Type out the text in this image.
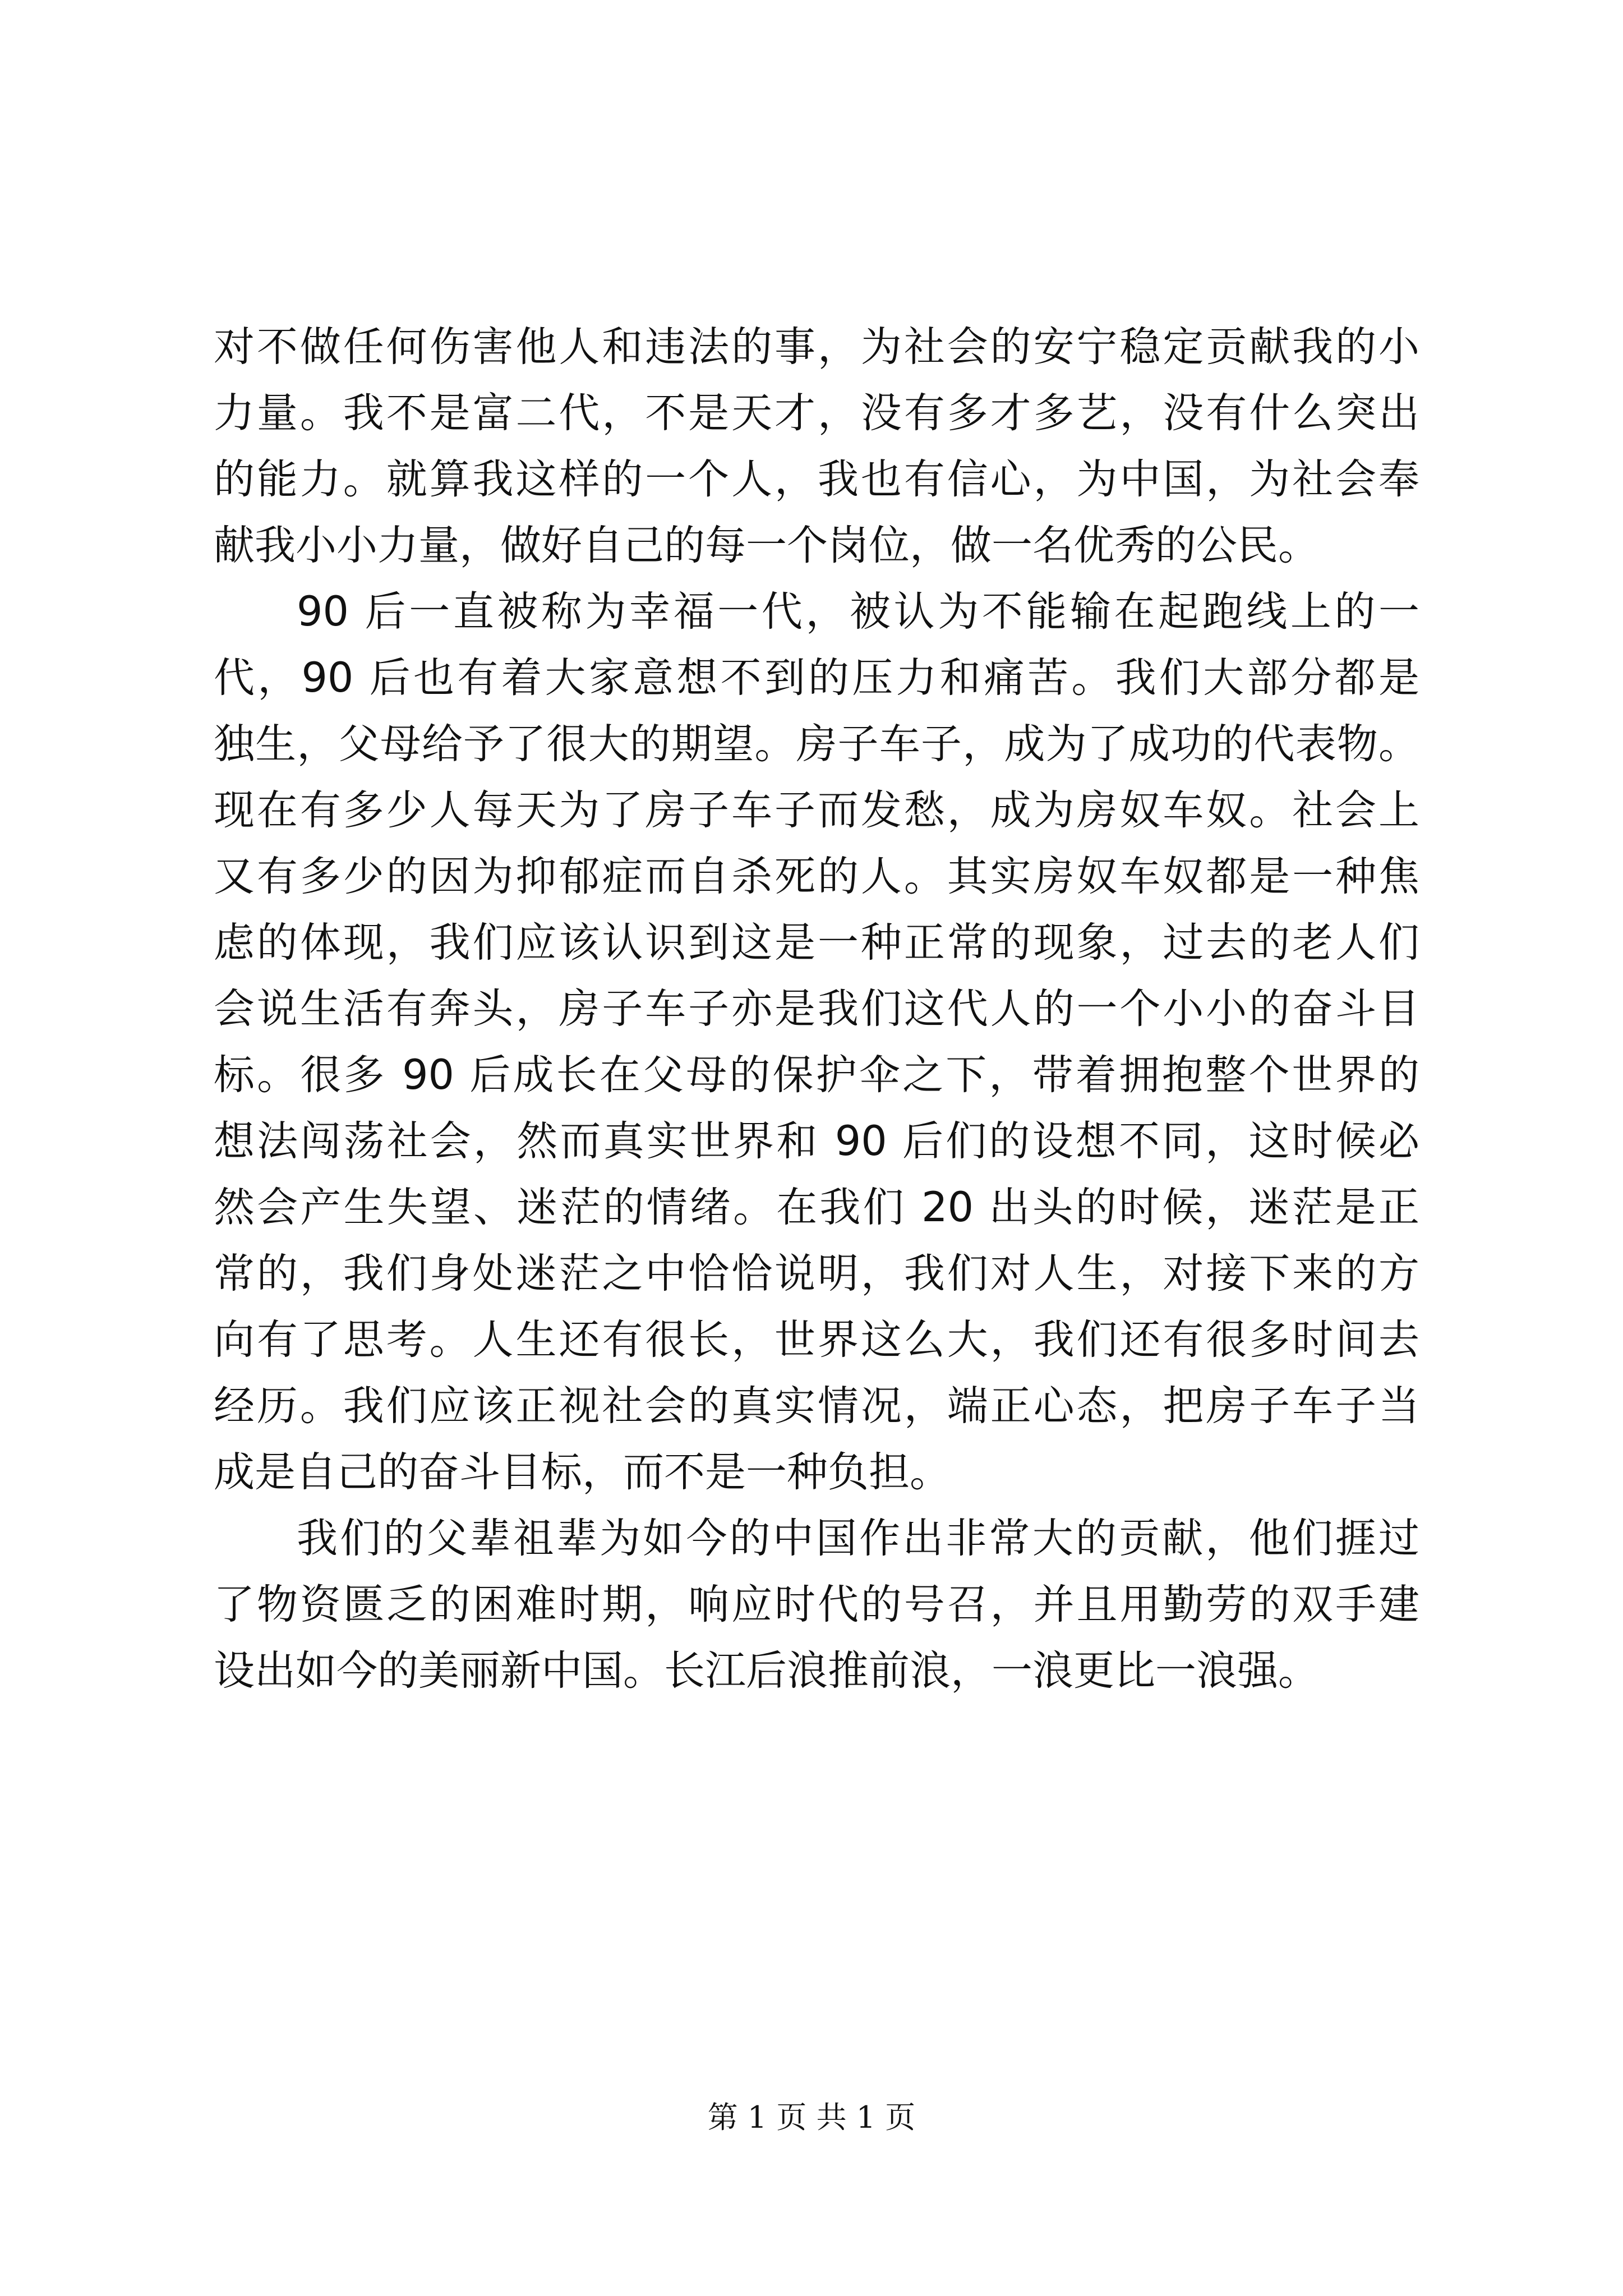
对不做任何伤害他人和违法的事，为社会的安宁稳定贡献我的小
力量。我不是富二代，不是天才，没有多才多艺，没有什么突出
的能力。就算我这样的一个人，我也有信心，为中国，为社会奉
献我小小力量，做好自己的每一个岗位，做一名优秀的公民。
90 后一直被称为幸福一代，被认为不能输在起跑线上的一
代，90 后也有着大家意想不到的压力和痛苦。我们大部分都是
独生，父母给予了很大的期望。房子车子，成为了成功的代表物。
现在有多少人每天为了房子车子而发愁，成为房奴车奴。社会上
又有多少的因为抑郁症而自杀死的人。其实房奴车奴都是一种焦
虑的体现，我们应该认识到这是一种正常的现象，过去的老人们
会说生活有奔头，房子车子亦是我们这代人的一个小小的奋斗目
标。很多 90 后成长在父母的保护伞之下，带着拥抱整个世界的
想法闯荡社会，然而真实世界和 90 后们的设想不同，这时候必
然会产生失望、迷茫的情绪。在我们 20 出头的时候，迷茫是正
常的，我们身处迷茫之中恰恰说明，我们对人生，对接下来的方
向有了思考。人生还有很长，世界这么大，我们还有很多时间去
经历。我们应该正视社会的真实情况，端正心态，把房子车子当
成是自己的奋斗目标，而不是一种负担。
我们的父辈祖辈为如今的中国作出非常大的贡献，他们捱过
了物资匮乏的困难时期，响应时代的号召，并且用勤劳的双手建
设出如今的美丽新中国。长江后浪推前浪，一浪更比一浪强。
第 1 页 共 1 页
